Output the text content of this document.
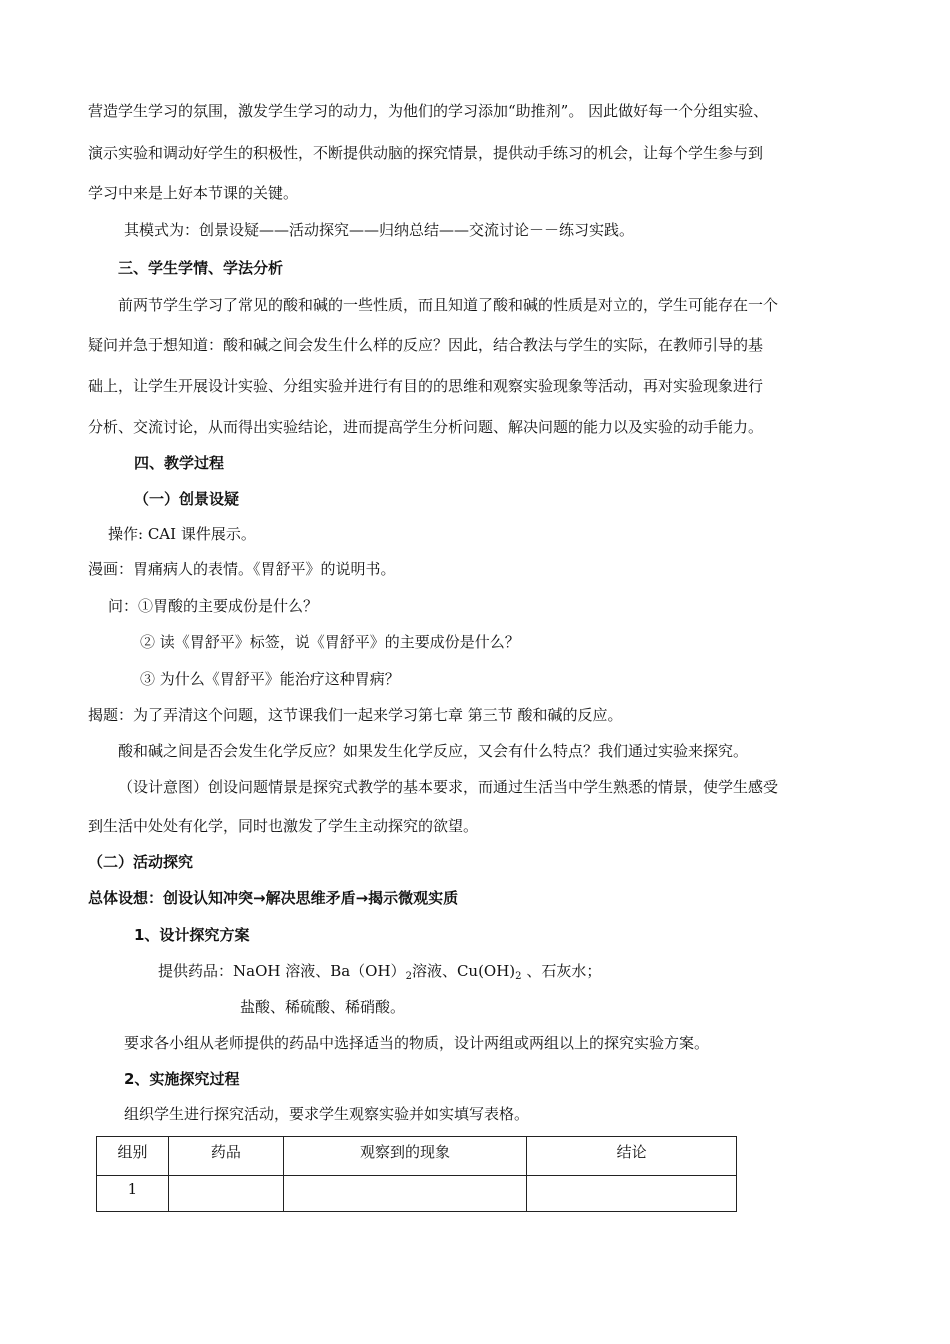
营造学生学习的氛围，激发学生学习的动力，为他们的学习添加“助推剂”。 因此做好每一个分组实验、
演示实验和调动好学生的积极性，不断提供动脑的探究情景，提供动手练习的机会，让每个学生参与到
学习中来是上好本节课的关键。
其模式为：创景设疑——活动探究——归纳总结——交流讨论－－练习实践。
三、学生学情、学法分析
前两节学生学习了常见的酸和碱的一些性质，而且知道了酸和碱的性质是对立的，学生可能存在一个
疑问并急于想知道：酸和碱之间会发生什么样的反应？因此，结合教法与学生的实际，在教师引导的基
础上，让学生开展设计实验、分组实验并进行有目的的思维和观察实验现象等活动，再对实验现象进行
分析、交流讨论，从而得出实验结论，进而提高学生分析问题、解决问题的能力以及实验的动手能力。
四、教学过程
（一）创景设疑
操作: CAI 课件展示。
漫画：胃痛病人的表情。《胃舒平》的说明书。
问：①胃酸的主要成份是什么？
② 读《胃舒平》标签，说《胃舒平》的主要成份是什么？
③ 为什么《胃舒平》能治疗这种胃病？
揭题：为了弄清这个问题，这节课我们一起来学习第七章 第三节 酸和碱的反应。
酸和碱之间是否会发生化学反应？如果发生化学反应，又会有什么特点？我们通过实验来探究。
（设计意图）创设问题情景是探究式教学的基本要求，而通过生活当中学生熟悉的情景，使学生感受
到生活中处处有化学，同时也激发了学生主动探究的欲望。
（二）活动探究
总体设想：创设认知冲突→解决思维矛盾→揭示微观实质
1、设计探究方案
提供药品：NaOH 溶液、$Ba(OH)_2$溶液、$Cu(OH)_2$ 、石灰水；
盐酸、稀硫酸、稀硝酸。
要求各小组从老师提供的药品中选择适当的物质，设计两组或两组以上的探究实验方案。
2、实施探究过程
组织学生进行探究活动，要求学生观察实验并如实填写表格。
组别	药品	观察到的现象	结论
1			
